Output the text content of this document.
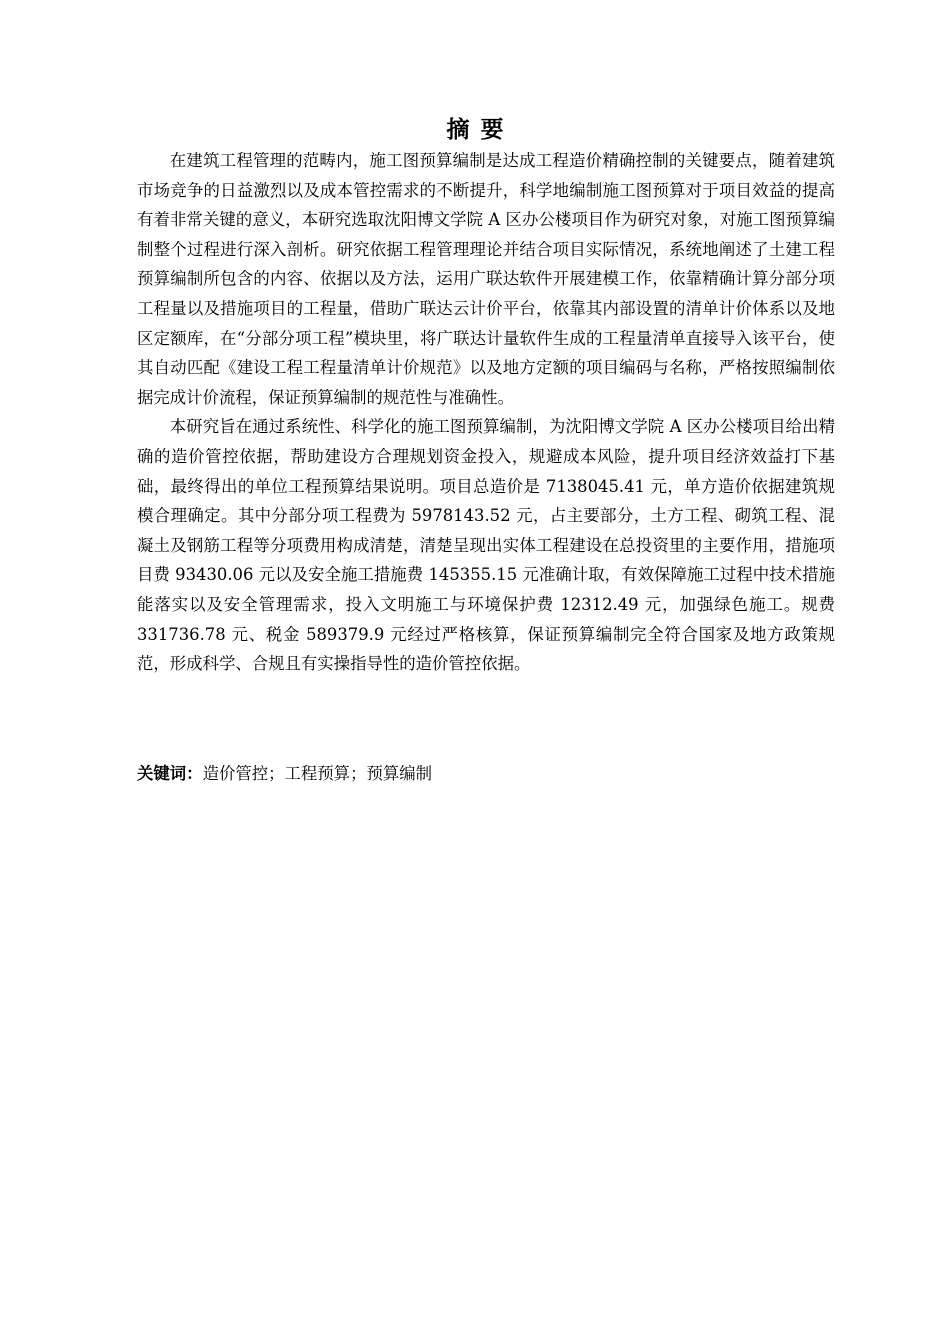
摘要

在建筑工程管理的范畴内，施工图预算编制是达成工程造价精确控制的关键要点，随着建筑市场竞争的日益激烈以及成本管控需求的不断提升，科学地编制施工图预算对于项目效益的提高有着非常关键的意义，本研究选取沈阳博文学院 A 区办公楼项目作为研究对象，对施工图预算编制整个过程进行深入剖析。研究依据工程管理理论并结合项目实际情况，系统地阐述了土建工程预算编制所包含的内容、依据以及方法，运用广联达软件开展建模工作，依靠精确计算分部分项工程量以及措施项目的工程量，借助广联达云计价平台，依靠其内部设置的清单计价体系以及地区定额库，在“分部分项工程”模块里，将广联达计量软件生成的工程量清单直接导入该平台，使其自动匹配《建设工程工程量清单计价规范》以及地方定额的项目编码与名称，严格按照编制依据完成计价流程，保证预算编制的规范性与准确性。

本研究旨在通过系统性、科学化的施工图预算编制，为沈阳博文学院 A 区办公楼项目给出精确的造价管控依据，帮助建设方合理规划资金投入，规避成本风险，提升项目经济效益打下基础，最终得出的单位工程预算结果说明。项目总造价是 7138045.41 元，单方造价依据建筑规模合理确定。其中分部分项工程费为 5978143.52 元，占主要部分，土方工程、砌筑工程、混凝土及钢筋工程等分项费用构成清楚，清楚呈现出实体工程建设在总投资里的主要作用，措施项目费 93430.06 元以及安全施工措施费 145355.15 元准确计取，有效保障施工过程中技术措施能落实以及安全管理需求，投入文明施工与环境保护费 12312.49 元，加强绿色施工。规费 331736.78 元、税金 589379.9 元经过严格核算，保证预算编制完全符合国家及地方政策规范，形成科学、合规且有实操指导性的造价管控依据。

关键词：造价管控；工程预算；预算编制
